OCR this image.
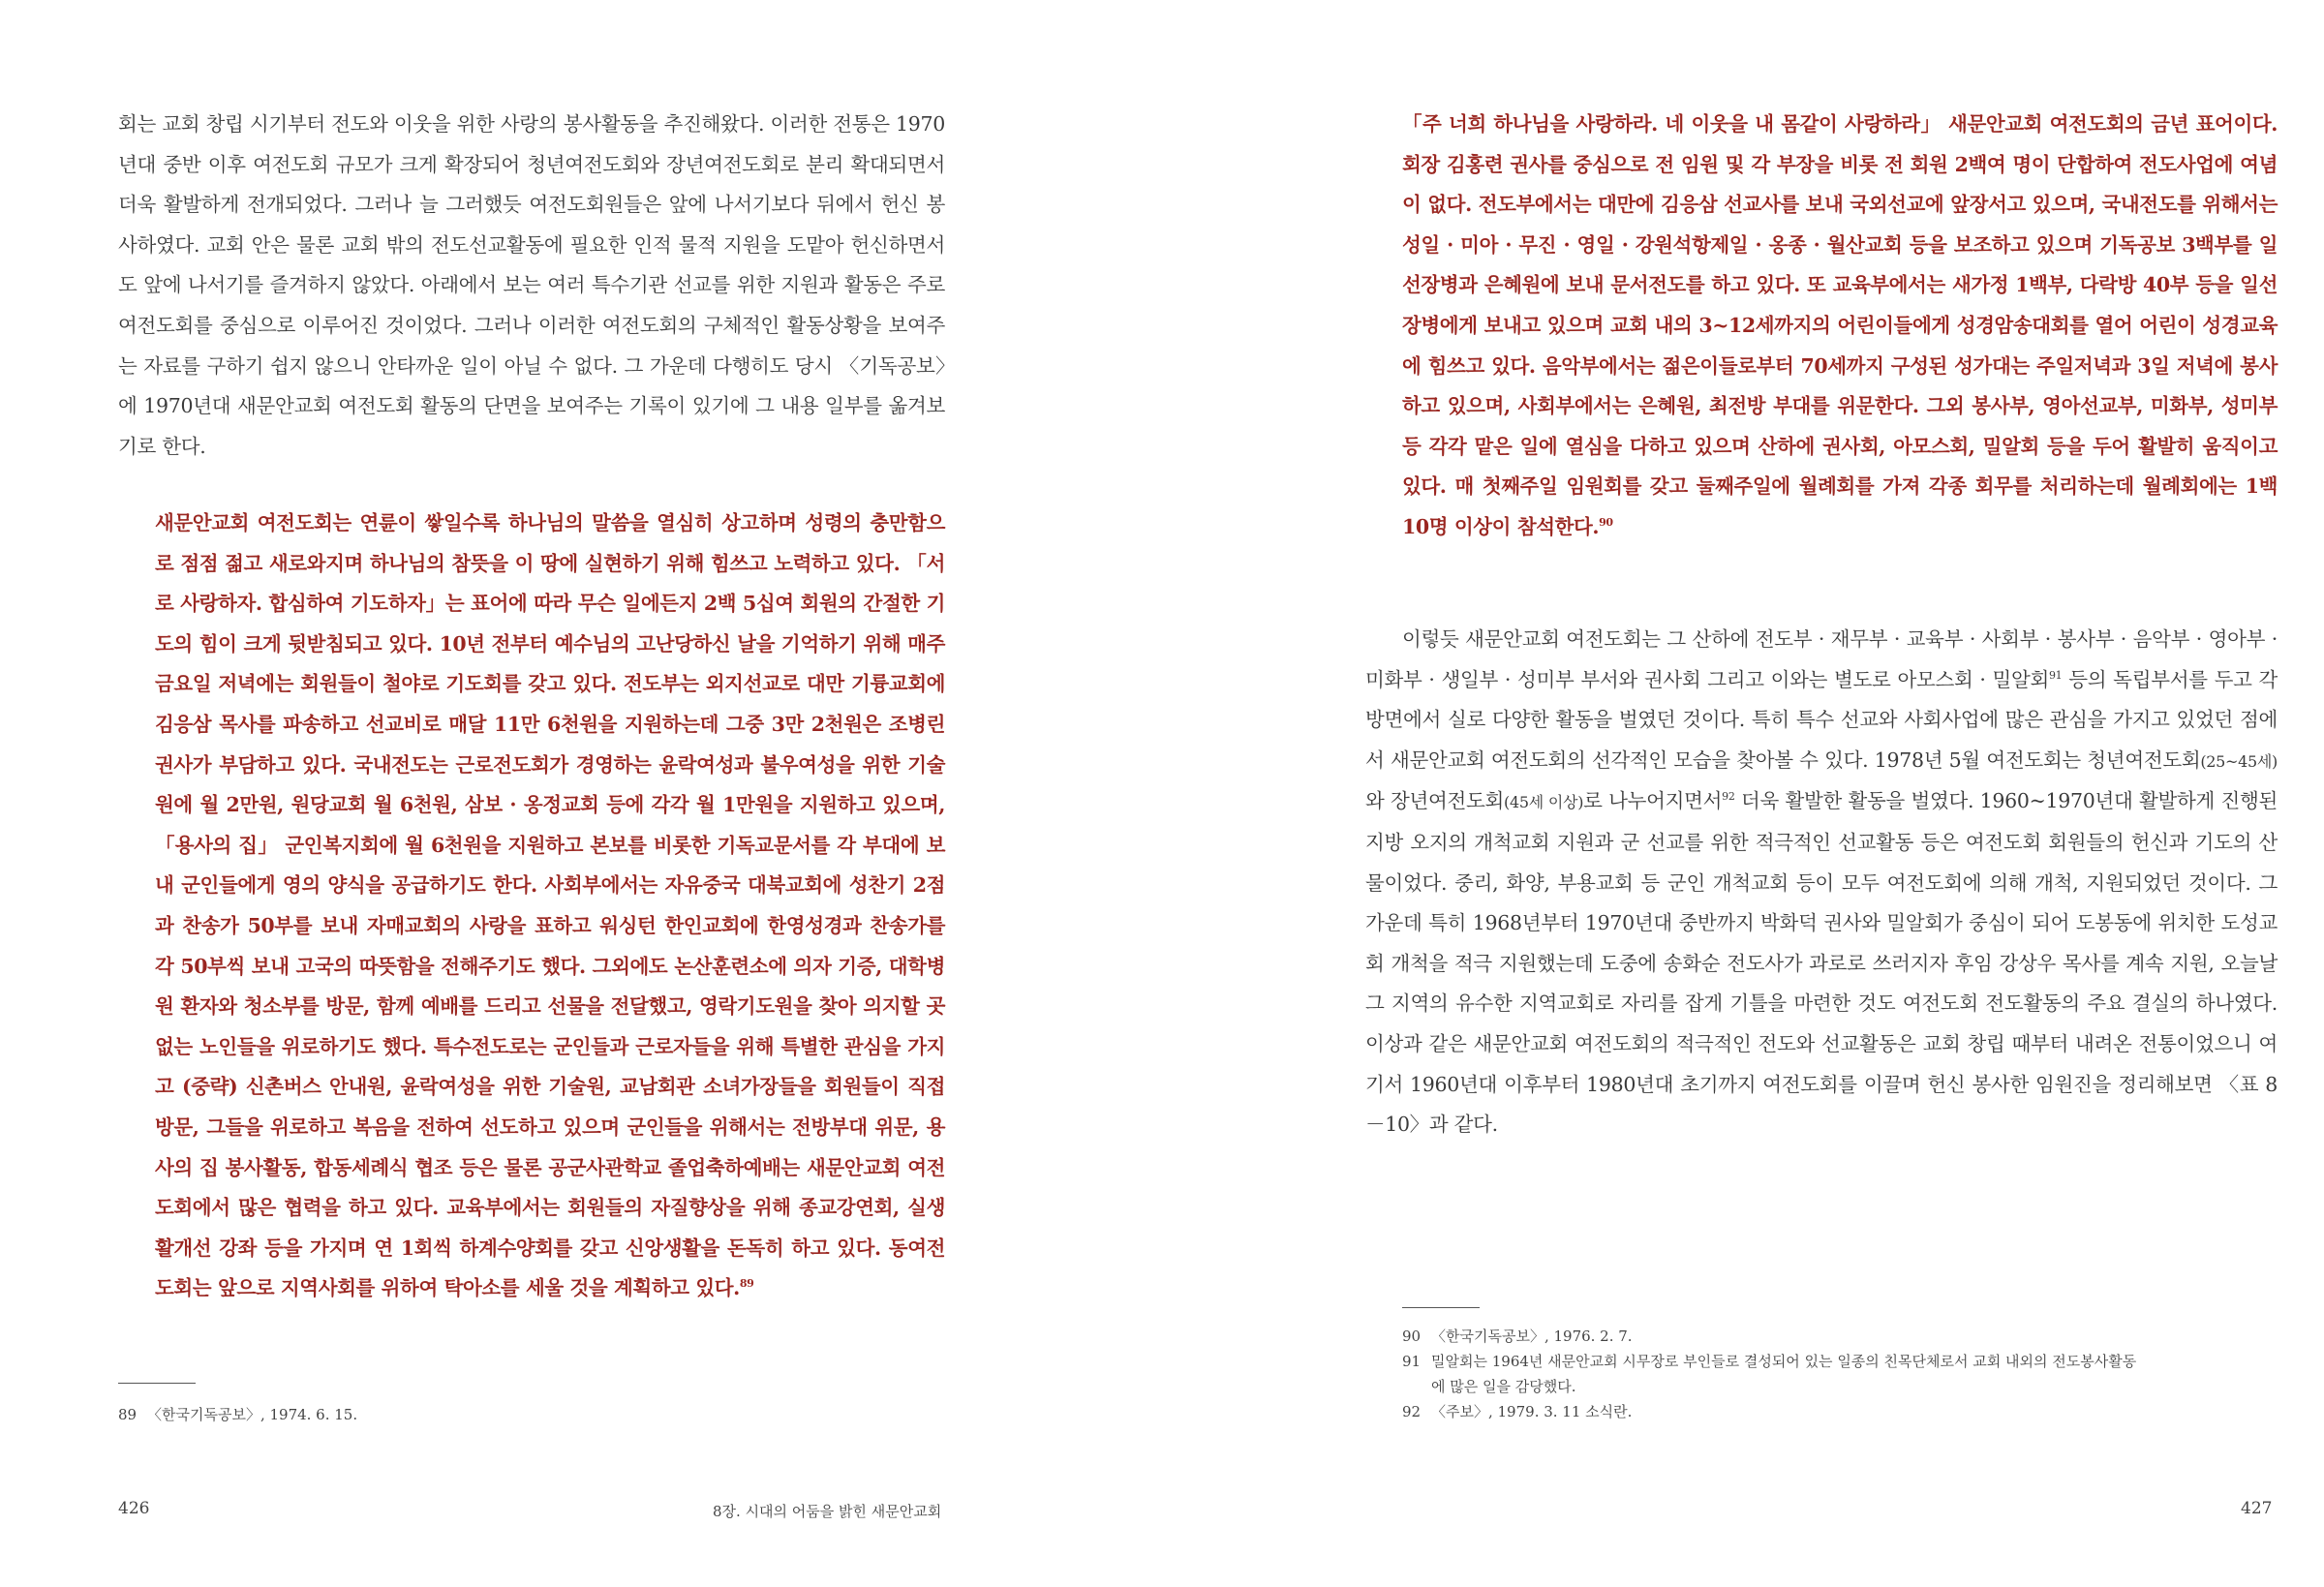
회는 교회 창립 시기부터 전도와 이웃을 위한 사랑의 봉사활동을 추진해왔다. 이러한 전통은 1970년대 중반 이후 여전도회 규모가 크게 확장되어 청년여전도회와 장년여전도회로 분리 확대되면서 더욱 활발하게 전개되었다. 그러나 늘 그러했듯 여전도회원들은 앞에 나서기보다 뒤에서 헌신 봉사하였다. 교회 안은 물론 교회 밖의 전도선교활동에 필요한 인적 물적 지원을 도맡아 헌신하면서도 앞에 나서기를 즐겨하지 않았다. 아래에서 보는 여러 특수기관 선교를 위한 지원과 활동은 주로 여전도회를 중심으로 이루어진 것이었다. 그러나 이러한 여전도회의 구체적인 활동상황을 보여주는 자료를 구하기 쉽지 않으니 안타까운 일이 아닐 수 없다. 그 가운데 다행히도 당시 〈기독공보〉에 1970년대 새문안교회 여전도회 활동의 단면을 보여주는 기록이 있기에 그 내용 일부를 옮겨보기로 한다.

새문안교회 여전도회는 연륜이 쌓일수록 하나님의 말씀을 열심히 상고하며 성령의 충만함으로 점점 젊고 새로와지며 하나님의 참뜻을 이 땅에 실현하기 위해 힘쓰고 노력하고 있다. 「서로 사랑하자. 합심하여 기도하자」는 표어에 따라 무슨 일에든지 2백 5십여 회원의 간절한 기도의 힘이 크게 뒷받침되고 있다. 10년 전부터 예수님의 고난당하신 날을 기억하기 위해 매주 금요일 저녁에는 회원들이 철야로 기도회를 갖고 있다. 전도부는 외지선교로 대만 기륭교회에 김응삼 목사를 파송하고 선교비로 매달 11만 6천원을 지원하는데 그중 3만 2천원은 조병린 권사가 부담하고 있다. 국내전도는 근로전도회가 경영하는 윤락여성과 불우여성을 위한 기술원에 월 2만원, 원당교회 월 6천원, 삼보 · 옹정교회 등에 각각 월 1만원을 지원하고 있으며, 「용사의 집」 군인복지회에 월 6천원을 지원하고 본보를 비롯한 기독교문서를 각 부대에 보내 군인들에게 영의 양식을 공급하기도 한다. 사회부에서는 자유중국 대북교회에 성찬기 2점과 찬송가 50부를 보내 자매교회의 사랑을 표하고 워싱턴 한인교회에 한영성경과 찬송가를 각 50부씩 보내 고국의 따뜻함을 전해주기도 했다. 그외에도 논산훈련소에 의자 기증, 대학병원 환자와 청소부를 방문, 함께 예배를 드리고 선물을 전달했고, 영락기도원을 찾아 의지할 곳 없는 노인들을 위로하기도 했다. 특수전도로는 군인들과 근로자들을 위해 특별한 관심을 가지고 (중략) 신촌버스 안내원, 윤락여성을 위한 기술원, 교남회관 소녀가장들을 회원들이 직접 방문, 그들을 위로하고 복음을 전하여 선도하고 있으며 군인들을 위해서는 전방부대 위문, 용사의 집 봉사활동, 합동세례식 협조 등은 물론 공군사관학교 졸업축하예배는 새문안교회 여전도회에서 많은 협력을 하고 있다. 교육부에서는 회원들의 자질향상을 위해 종교강연회, 실생활개선 강좌 등을 가지며 연 1회씩 하계수양회를 갖고 신앙생활을 돈독히 하고 있다. 동여전도회는 앞으로 지역사회를 위하여 탁아소를 세울 것을 계획하고 있다.$^{89}$

89 〈한국기독공보〉, 1974. 6. 15.

426	8장. 시대의 어둠을 밝힌 새문안교회

「주 너희 하나님을 사랑하라. 네 이웃을 내 몸같이 사랑하라」 새문안교회 여전도회의 금년 표어이다. 회장 김홍련 권사를 중심으로 전 임원 및 각 부장을 비롯 전 회원 2백여 명이 단합하여 전도사업에 여념이 없다. 전도부에서는 대만에 김응삼 선교사를 보내 국외선교에 앞장서고 있으며, 국내전도를 위해서는 성일 · 미아 · 무진 · 영일 · 강원석항제일 · 옹종 · 월산교회 등을 보조하고 있으며 기독공보 3백부를 일선장병과 은혜원에 보내 문서전도를 하고 있다. 또 교육부에서는 새가정 1백부, 다락방 40부 등을 일선장병에게 보내고 있으며 교회 내의 3~12세까지의 어린이들에게 성경암송대회를 열어 어린이 성경교육에 힘쓰고 있다. 음악부에서는 젊은이들로부터 70세까지 구성된 성가대는 주일저녁과 3일 저녁에 봉사하고 있으며, 사회부에서는 은혜원, 최전방 부대를 위문한다. 그외 봉사부, 영아선교부, 미화부, 성미부 등 각각 맡은 일에 열심을 다하고 있으며 산하에 권사회, 아모스회, 밀알회 등을 두어 활발히 움직이고 있다. 매 첫째주일 임원회를 갖고 둘째주일에 월례회를 가져 각종 회무를 처리하는데 월례회에는 1백10명 이상이 참석한다.$^{90}$

이렇듯 새문안교회 여전도회는 그 산하에 전도부 · 재무부 · 교육부 · 사회부 · 봉사부 · 음악부 · 영아부 · 미화부 · 생일부 · 성미부 부서와 권사회 그리고 이와는 별도로 아모스회 · 밀알회$^{91}$ 등의 독립부서를 두고 각 방면에서 실로 다양한 활동을 벌였던 것이다. 특히 특수 선교와 사회사업에 많은 관심을 가지고 있었던 점에서 새문안교회 여전도회의 선각적인 모습을 찾아볼 수 있다. 1978년 5월 여전도회는 청년여전도회(25~45세)와 장년여전도회(45세 이상)로 나누어지면서$^{92}$ 더욱 활발한 활동을 벌였다. 1960~1970년대 활발하게 진행된 지방 오지의 개척교회 지원과 군 선교를 위한 적극적인 선교활동 등은 여전도회 회원들의 헌신과 기도의 산물이었다. 중리, 화양, 부용교회 등 군인 개척교회 등이 모두 여전도회에 의해 개척, 지원되었던 것이다. 그 가운데 특히 1968년부터 1970년대 중반까지 박화덕 권사와 밀알회가 중심이 되어 도봉동에 위치한 도성교회 개척을 적극 지원했는데 도중에 송화순 전도사가 과로로 쓰러지자 후임 강상우 목사를 계속 지원, 오늘날 그 지역의 유수한 지역교회로 자리를 잡게 기틀을 마련한 것도 여전도회 전도활동의 주요 결실의 하나였다. 이상과 같은 새문안교회 여전도회의 적극적인 전도와 선교활동은 교회 창립 때부터 내려온 전통이었으니 여기서 1960년대 이후부터 1980년대 초기까지 여전도회를 이끌며 헌신 봉사한 임원진을 정리해보면 〈표 8－10〉과 같다.

90 〈한국기독공보〉, 1976. 2. 7.

91 밀알회는 1964년 새문안교회 시무장로 부인들로 결성되어 있는 일종의 친목단체로서 교회 내외의 전도봉사활동
에 많은 일을 감당했다.

92 〈주보〉, 1979. 3. 11 소식란.

427
